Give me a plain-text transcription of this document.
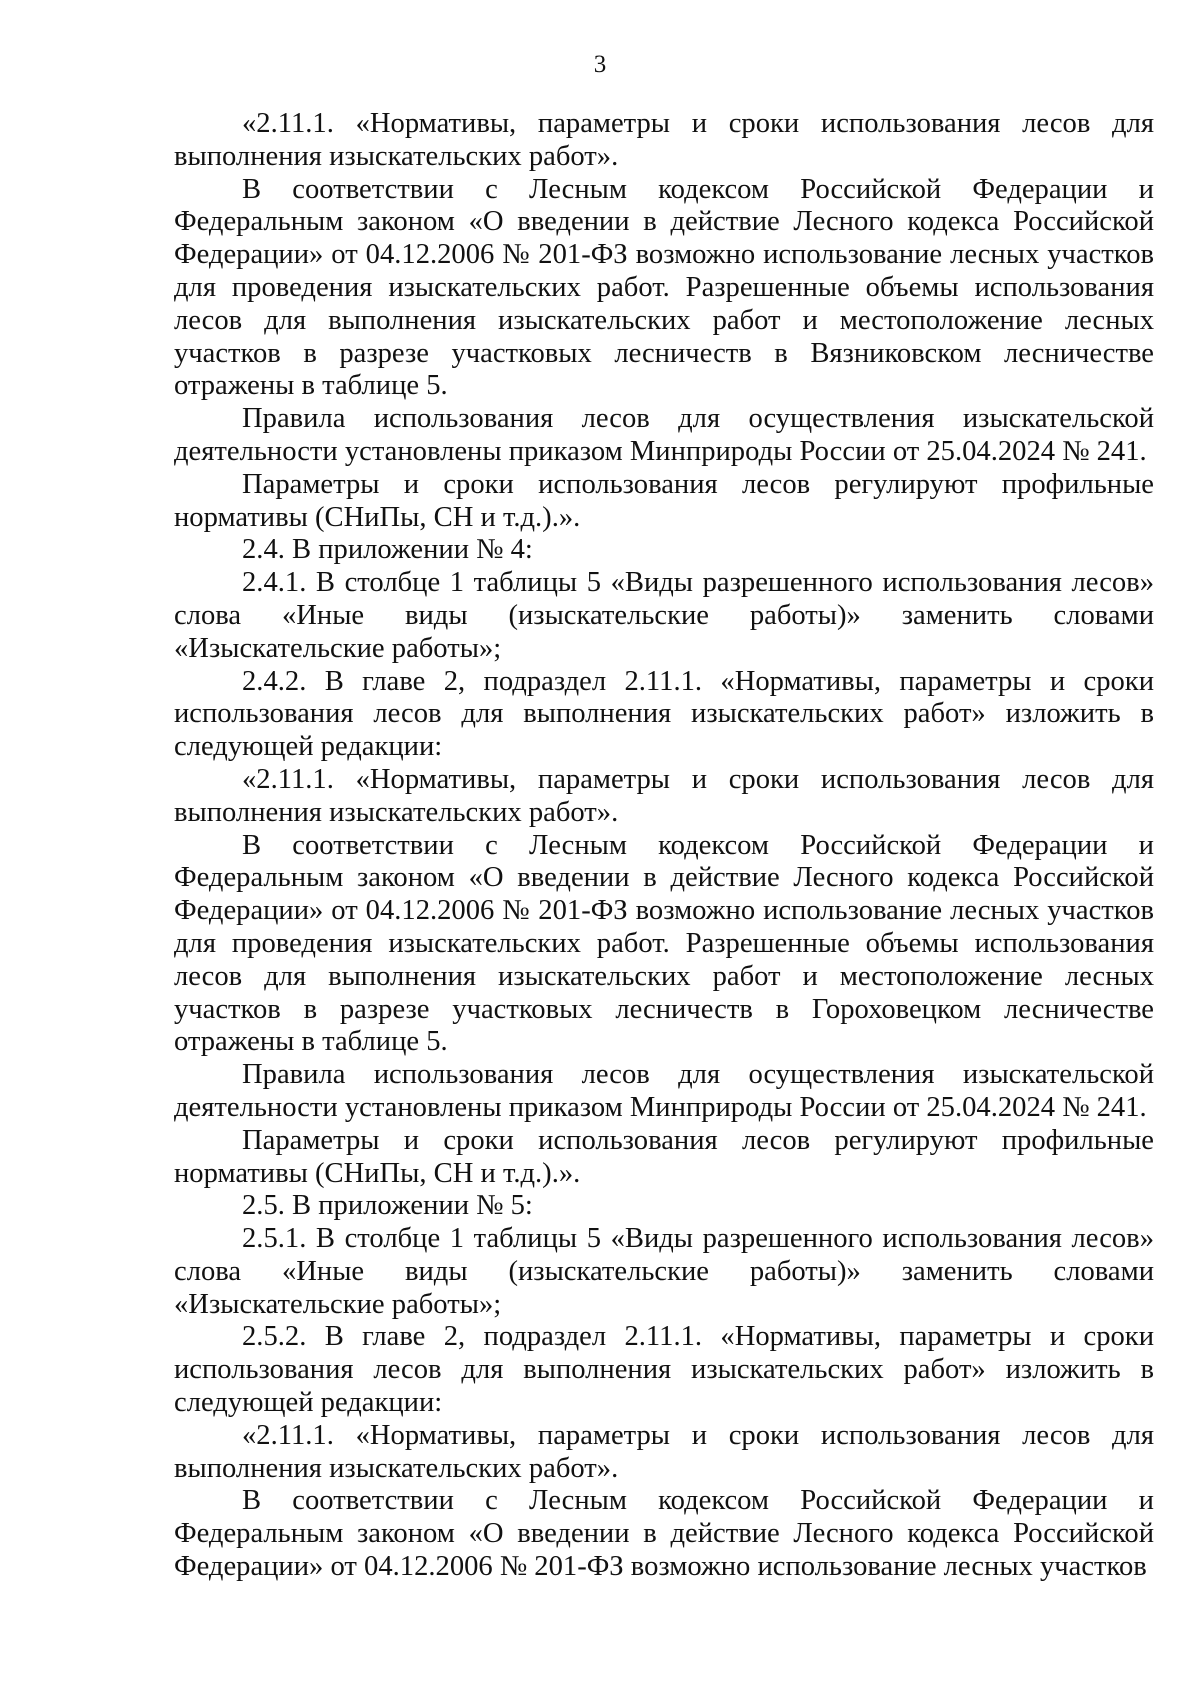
3

«2.11.1. «Нормативы, параметры и сроки использования лесов для выполнения изыскательских работ».

В соответствии с Лесным кодексом Российской Федерации и Федеральным законом «О введении в действие Лесного кодекса Российской Федерации» от 04.12.2006 № 201-ФЗ возможно использование лесных участков для проведения изыскательских работ. Разрешенные объемы использования лесов для выполнения изыскательских работ и местоположение лесных участков в разрезе участковых лесничеств в Вязниковском лесничестве отражены в таблице 5.

Правила использования лесов для осуществления изыскательской деятельности установлены приказом Минприроды России от 25.04.2024 № 241.

Параметры и сроки использования лесов регулируют профильные нормативы (СНиПы, СН и т.д.).».

2.4. В приложении № 4:

2.4.1. В столбце 1 таблицы 5 «Виды разрешенного использования лесов» слова «Иные виды (изыскательские работы)» заменить словами «Изыскательские работы»;

2.4.2. В главе 2, подраздел 2.11.1. «Нормативы, параметры и сроки использования лесов для выполнения изыскательских работ» изложить в следующей редакции:

«2.11.1. «Нормативы, параметры и сроки использования лесов для выполнения изыскательских работ».

В соответствии с Лесным кодексом Российской Федерации и Федеральным законом «О введении в действие Лесного кодекса Российской Федерации» от 04.12.2006 № 201-ФЗ возможно использование лесных участков для проведения изыскательских работ. Разрешенные объемы использования лесов для выполнения изыскательских работ и местоположение лесных участков в разрезе участковых лесничеств в Гороховецком лесничестве отражены в таблице 5.

Правила использования лесов для осуществления изыскательской деятельности установлены приказом Минприроды России от 25.04.2024 № 241.

Параметры и сроки использования лесов регулируют профильные нормативы (СНиПы, СН и т.д.).».

2.5. В приложении № 5:

2.5.1. В столбце 1 таблицы 5 «Виды разрешенного использования лесов» слова «Иные виды (изыскательские работы)» заменить словами «Изыскательские работы»;

2.5.2. В главе 2, подраздел 2.11.1. «Нормативы, параметры и сроки использования лесов для выполнения изыскательских работ» изложить в следующей редакции:

«2.11.1. «Нормативы, параметры и сроки использования лесов для выполнения изыскательских работ».

В соответствии с Лесным кодексом Российской Федерации и Федеральным законом «О введении в действие Лесного кодекса Российской Федерации» от 04.12.2006 № 201-ФЗ возможно использование лесных участков
